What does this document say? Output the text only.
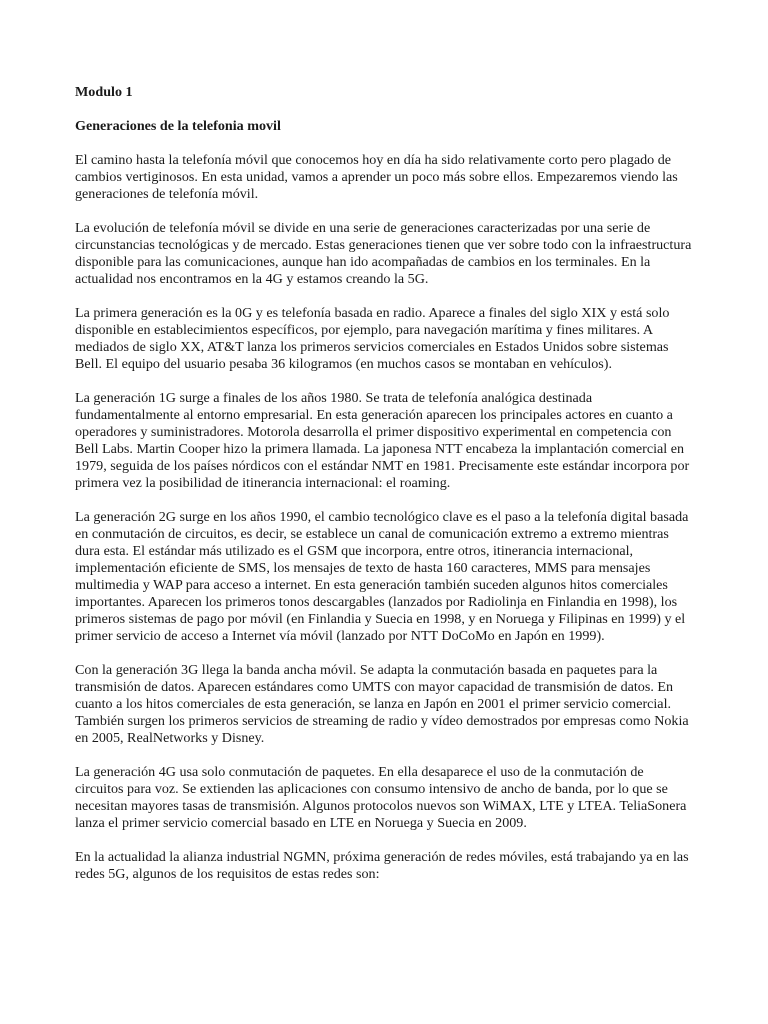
Modulo 1
Generaciones de la telefonia movil

El camino hasta la telefonía móvil que conocemos hoy en día ha sido relativamente corto pero plagado de cambios vertiginosos. En esta unidad, vamos a aprender un poco más sobre ellos. Empezaremos viendo las generaciones de telefonía móvil.

La evolución de telefonía móvil se divide en una serie de generaciones caracterizadas por una serie de circunstancias tecnológicas y de mercado. Estas generaciones tienen que ver sobre todo con la infraestructura disponible para las comunicaciones, aunque han ido acompañadas de cambios en los terminales. En la actualidad nos encontramos en la 4G y estamos creando la 5G.

La primera generación es la 0G y es telefonía basada en radio. Aparece a finales del siglo XIX y está solo disponible en establecimientos específicos, por ejemplo, para navegación marítima y fines militares. A mediados de siglo XX, AT&T lanza los primeros servicios comerciales en Estados Unidos sobre sistemas Bell. El equipo del usuario pesaba 36 kilogramos (en muchos casos se montaban en vehículos).

La generación 1G surge a finales de los años 1980. Se trata de telefonía analógica destinada fundamentalmente al entorno empresarial. En esta generación aparecen los principales actores en cuanto a operadores y suministradores. Motorola desarrolla el primer dispositivo experimental en competencia con Bell Labs. Martin Cooper hizo la primera llamada. La japonesa NTT encabeza la implantación comercial en 1979, seguida de los países nórdicos con el estándar NMT en 1981. Precisamente este estándar incorpora por primera vez la posibilidad de itinerancia internacional: el roaming.

La generación 2G surge en los años 1990, el cambio tecnológico clave es el paso a la telefonía digital basada en conmutación de circuitos, es decir, se establece un canal de comunicación extremo a extremo mientras dura esta. El estándar más utilizado es el GSM que incorpora, entre otros, itinerancia internacional, implementación eficiente de SMS, los mensajes de texto de hasta 160 caracteres, MMS para mensajes multimedia y WAP para acceso a internet. En esta generación también suceden algunos hitos comerciales importantes. Aparecen los primeros tonos descargables (lanzados por Radiolinja en Finlandia en 1998), los primeros sistemas de pago por móvil (en Finlandia y Suecia en 1998, y en Noruega y Filipinas en 1999) y el primer servicio de acceso a Internet vía móvil (lanzado por NTT DoCoMo en Japón en 1999).

Con la generación 3G llega la banda ancha móvil. Se adapta la conmutación basada en paquetes para la transmisión de datos. Aparecen estándares como UMTS con mayor capacidad de transmisión de datos. En cuanto a los hitos comerciales de esta generación, se lanza en Japón en 2001 el primer servicio comercial. También surgen los primeros servicios de streaming de radio y vídeo demostrados por empresas como Nokia en 2005, RealNetworks y Disney.

La generación 4G usa solo conmutación de paquetes. En ella desaparece el uso de la conmutación de circuitos para voz. Se extienden las aplicaciones con consumo intensivo de ancho de banda, por lo que se necesitan mayores tasas de transmisión. Algunos protocolos nuevos son WiMAX, LTE y LTEA. TeliaSonera lanza el primer servicio comercial basado en LTE en Noruega y Suecia en 2009.

En la actualidad la alianza industrial NGMN, próxima generación de redes móviles, está trabajando ya en las redes 5G, algunos de los requisitos de estas redes son:
